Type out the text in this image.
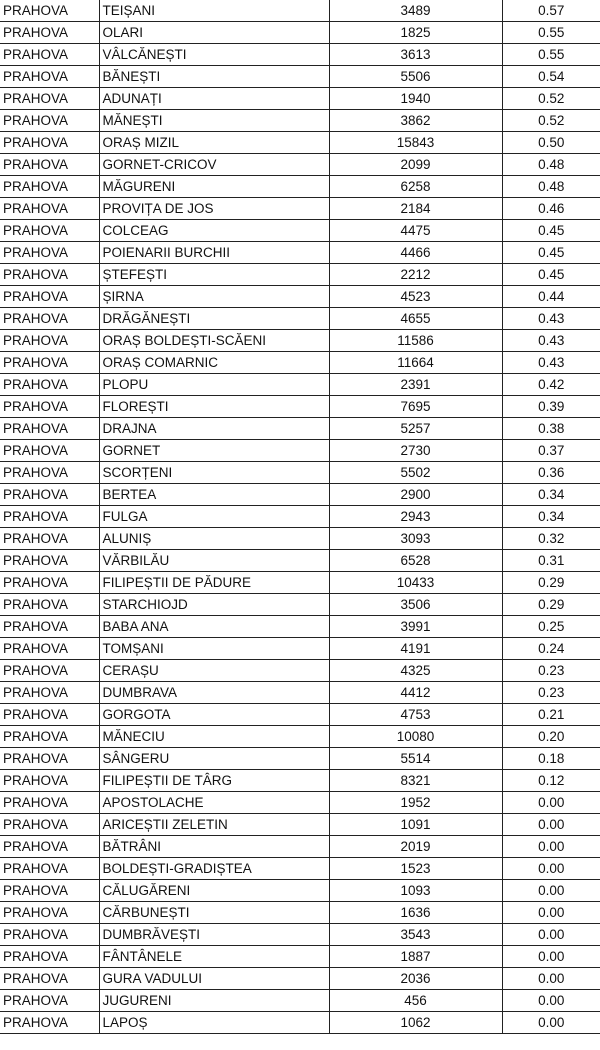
PRAHOVA	TEIȘANI	3489	0.57
PRAHOVA	OLARI	1825	0.55
PRAHOVA	VÂLCĂNEȘTI	3613	0.55
PRAHOVA	BĂNEȘTI	5506	0.54
PRAHOVA	ADUNAȚI	1940	0.52
PRAHOVA	MĂNEȘTI	3862	0.52
PRAHOVA	ORAȘ MIZIL	15843	0.50
PRAHOVA	GORNET-CRICOV	2099	0.48
PRAHOVA	MĂGURENI	6258	0.48
PRAHOVA	PROVIȚA DE JOS	2184	0.46
PRAHOVA	COLCEAG	4475	0.45
PRAHOVA	POIENARII BURCHII	4466	0.45
PRAHOVA	ȘTEFEȘTI	2212	0.45
PRAHOVA	ȘIRNA	4523	0.44
PRAHOVA	DRĂGĂNEȘTI	4655	0.43
PRAHOVA	ORAȘ BOLDEȘTI-SCĂENI	11586	0.43
PRAHOVA	ORAȘ COMARNIC	11664	0.43
PRAHOVA	PLOPU	2391	0.42
PRAHOVA	FLOREȘTI	7695	0.39
PRAHOVA	DRAJNA	5257	0.38
PRAHOVA	GORNET	2730	0.37
PRAHOVA	SCORȚENI	5502	0.36
PRAHOVA	BERTEA	2900	0.34
PRAHOVA	FULGA	2943	0.34
PRAHOVA	ALUNIȘ	3093	0.32
PRAHOVA	VĂRBILĂU	6528	0.31
PRAHOVA	FILIPEȘTII DE PĂDURE	10433	0.29
PRAHOVA	STARCHIOJD	3506	0.29
PRAHOVA	BABA ANA	3991	0.25
PRAHOVA	TOMȘANI	4191	0.24
PRAHOVA	CERAȘU	4325	0.23
PRAHOVA	DUMBRAVA	4412	0.23
PRAHOVA	GORGOTA	4753	0.21
PRAHOVA	MĂNECIU	10080	0.20
PRAHOVA	SÂNGERU	5514	0.18
PRAHOVA	FILIPEȘTII DE TÂRG	8321	0.12
PRAHOVA	APOSTOLACHE	1952	0.00
PRAHOVA	ARICEȘTII ZELETIN	1091	0.00
PRAHOVA	BĂTRÂNI	2019	0.00
PRAHOVA	BOLDEȘTI-GRADIȘTEA	1523	0.00
PRAHOVA	CĂLUGĂRENI	1093	0.00
PRAHOVA	CĂRBUNEȘTI	1636	0.00
PRAHOVA	DUMBRĂVEȘTI	3543	0.00
PRAHOVA	FÂNTÂNELE	1887	0.00
PRAHOVA	GURA VADULUI	2036	0.00
PRAHOVA	JUGURENI	456	0.00
PRAHOVA	LAPOȘ	1062	0.00
